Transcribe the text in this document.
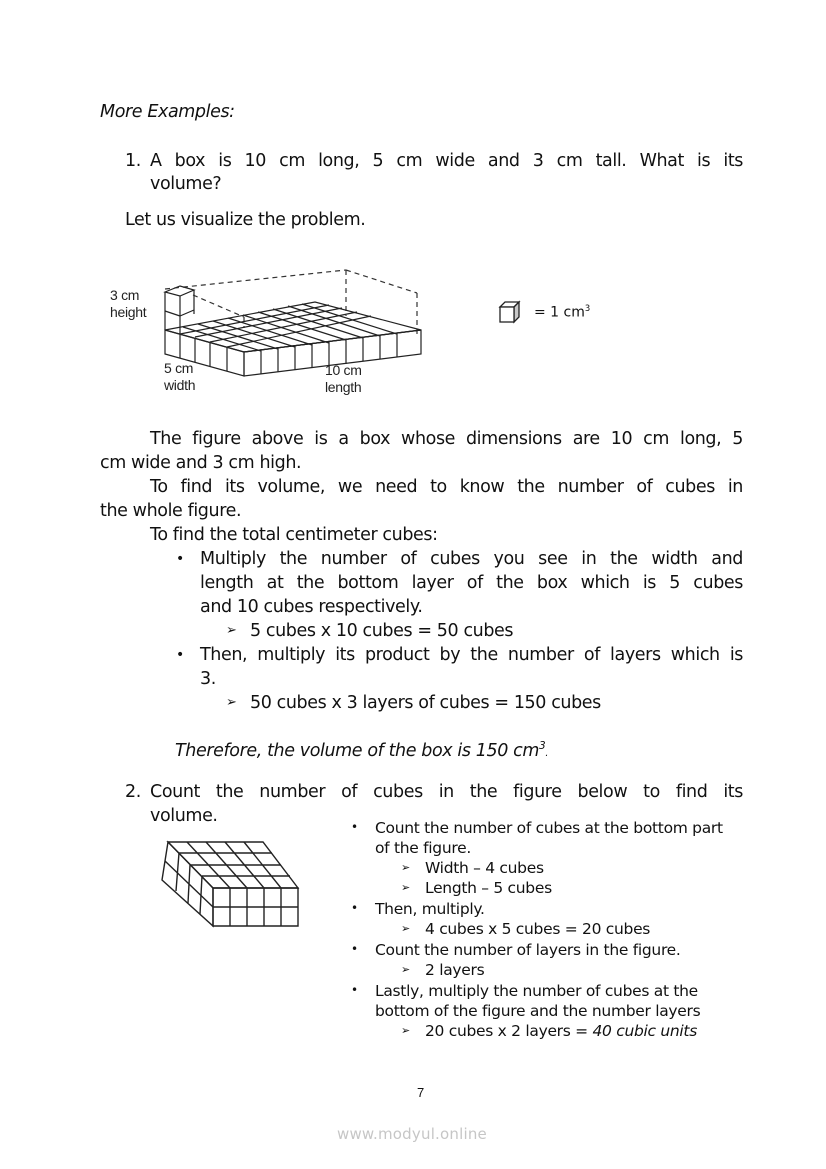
More Examples:
1. A box is 10 cm long, 5 cm wide and 3 cm tall. What is its
volume?
Let us visualize the problem.
3 cm
height
5 cm
width
10 cm
length
= 1 $cm^3$
The figure above is a box whose dimensions are 10 cm long, 5
cm wide and 3 cm high.
To find its volume, we need to know the number of cubes in
the whole figure.
To find the total centimeter cubes:
• Multiply the number of cubes you see in the width and
length at the bottom layer of the box which is 5 cubes
and 10 cubes respectively.
➢ 5 cubes x 10 cubes = 50 cubes
• Then, multiply its product by the number of layers which is
3.
➢ 50 cubes x 3 layers of cubes = 150 cubes
Therefore, the volume of the box is 150 $cm^3$.
2. Count the number of cubes in the figure below to find its
volume.
• Count the number of cubes at the bottom part
of the figure.
➢ Width – 4 cubes
➢ Length – 5 cubes
• Then, multiply.
➢ 4 cubes x 5 cubes = 20 cubes
• Count the number of layers in the figure.
➢ 2 layers
• Lastly, multiply the number of cubes at the
bottom of the figure and the number layers
➢ 20 cubes x 2 layers = 40 cubic units
7
www.modyul.online
